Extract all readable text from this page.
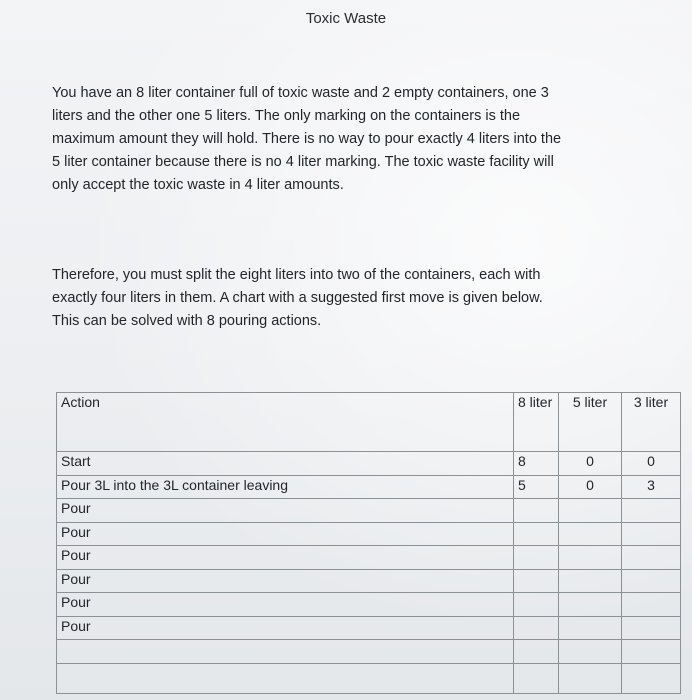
Toxic Waste
You have an 8 liter container full of toxic waste and 2 empty containers, one 3
liters and the other one 5 liters. The only marking on the containers is the
maximum amount they will hold. There is no way to pour exactly 4 liters into the
5 liter container because there is no 4 liter marking. The toxic waste facility will
only accept the toxic waste in 4 liter amounts.
Therefore, you must split the eight liters into two of the containers, each with
exactly four liters in them. A chart with a suggested first move is given below.
This can be solved with 8 pouring actions.
Action	8 liter	5 liter	3 liter
Start	8	0	0
Pour 3L into the 3L container leaving	5	0	3
Pour			
Pour			
Pour			
Pour			
Pour			
Pour			
